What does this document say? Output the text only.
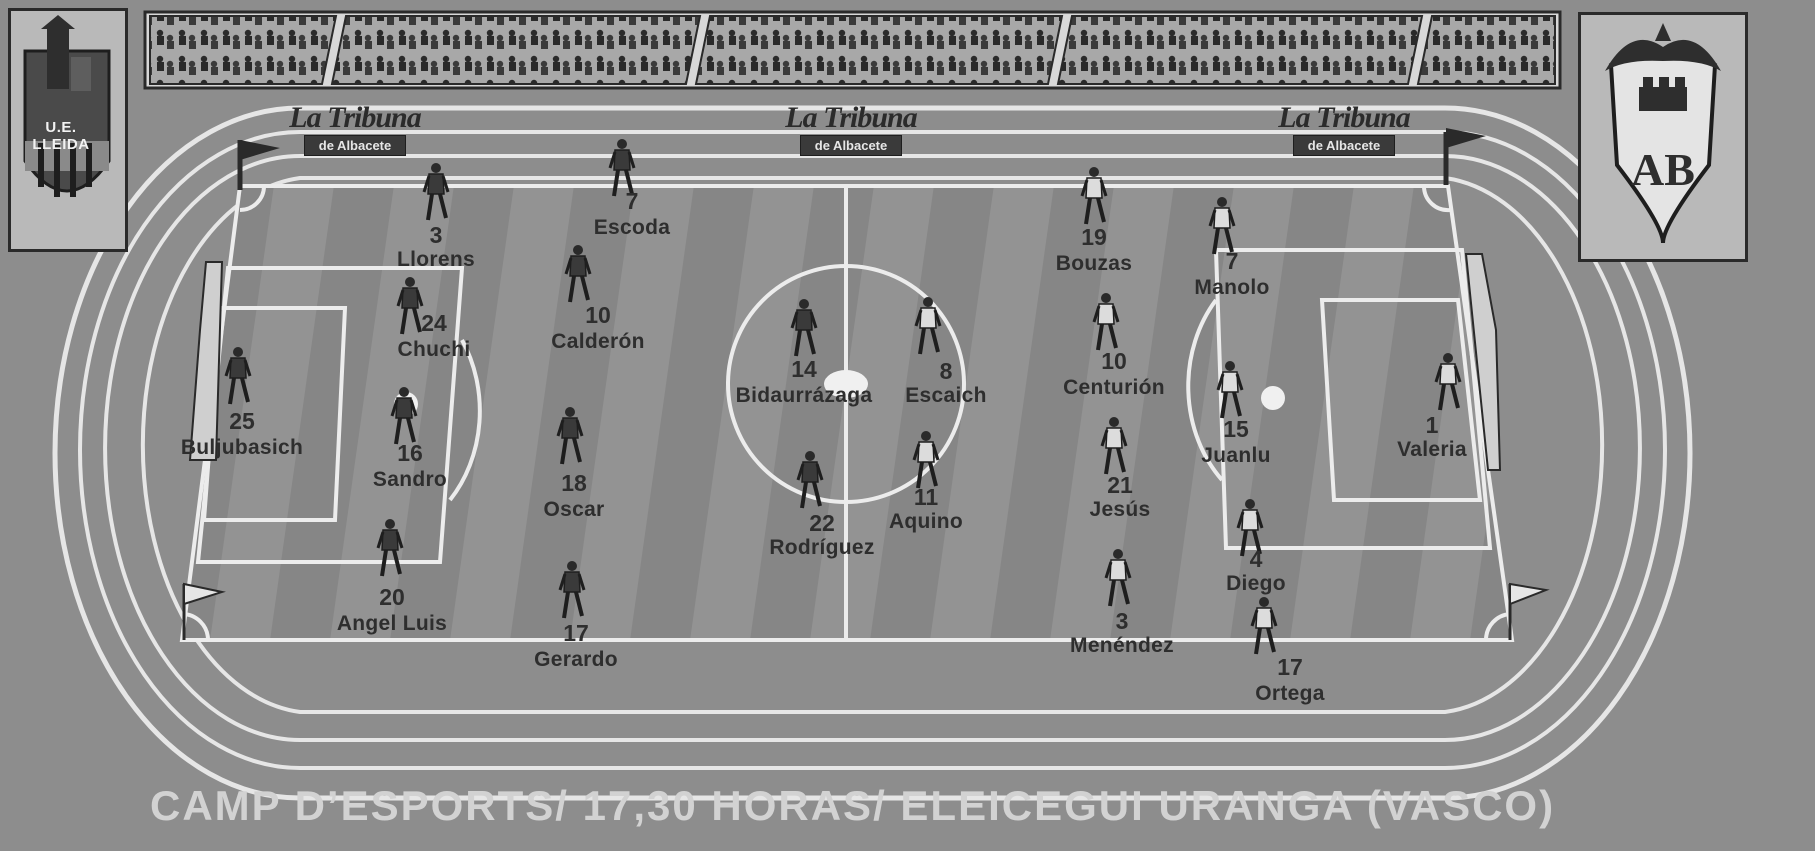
U.E. LLEIDA	AB
La Tribuna
de Albacete
La Tribuna
de Albacete
La Tribuna
de Albacete
3
Llorens
7
Escoda
24
Chuchi
10
Calderón
25
Buljubasich	16
Sandro	18
Oscar
20
Angel Luis	17
Gerardo
14
Bidaurrázaga
22
Rodríguez
8
Escaich
11
Aquino
19
Bouzas	7
Manolo
10
Centurión
15
Juanlu
21
Jesús
4
Diego
3
Menéndez
17
Ortega
1
Valeria
CAMP D’ESPORTS/ 17,30 HORAS/ ELEICEGUI URANGA (VASCO)
